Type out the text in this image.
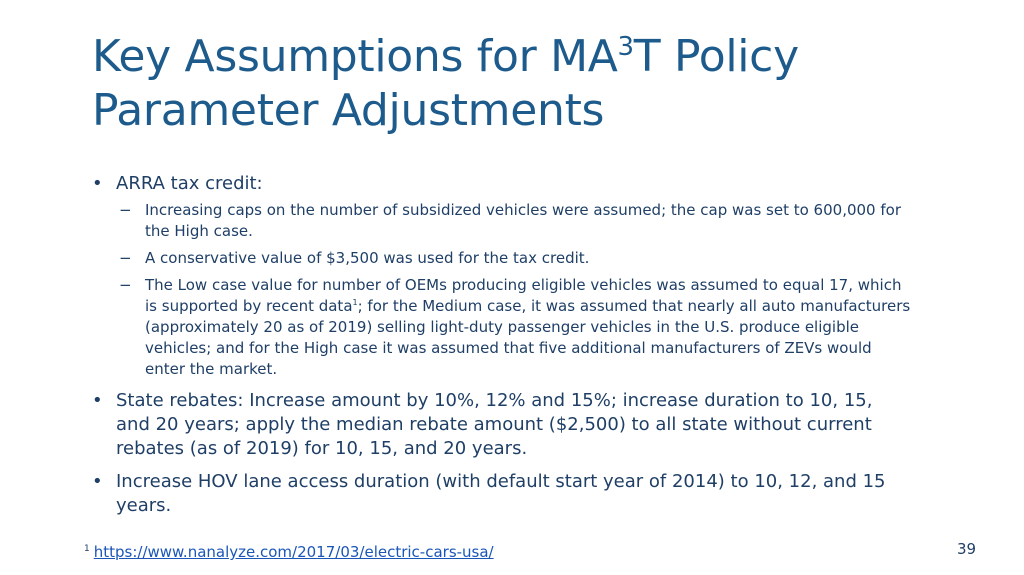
Key Assumptions for $MA^3T$ Policy
Parameter Adjustments
• ARRA tax credit:
− Increasing caps on the number of subsidized vehicles were assumed; the cap was set to 600,000 for the High case.
− A conservative value of $3,500 was used for the tax credit.
− The Low case value for number of OEMs producing eligible vehicles was assumed to equal 17, which is supported by recent data$^1$; for the Medium case, it was assumed that nearly all auto manufacturers (approximately 20 as of 2019) selling light-duty passenger vehicles in the U.S. produce eligible vehicles; and for the High case it was assumed that five additional manufacturers of ZEVs would enter the market.
• State rebates: Increase amount by 10%, 12% and 15%; increase duration to 10, 15, and 20 years; apply the median rebate amount ($2,500) to all state without current rebates (as of 2019) for 10, 15, and 20 years.
• Increase HOV lane access duration (with default start year of 2014) to 10, 12, and 15 years.
$^1$ https://www.nanalyze.com/2017/03/electric-cars-usa/	39
